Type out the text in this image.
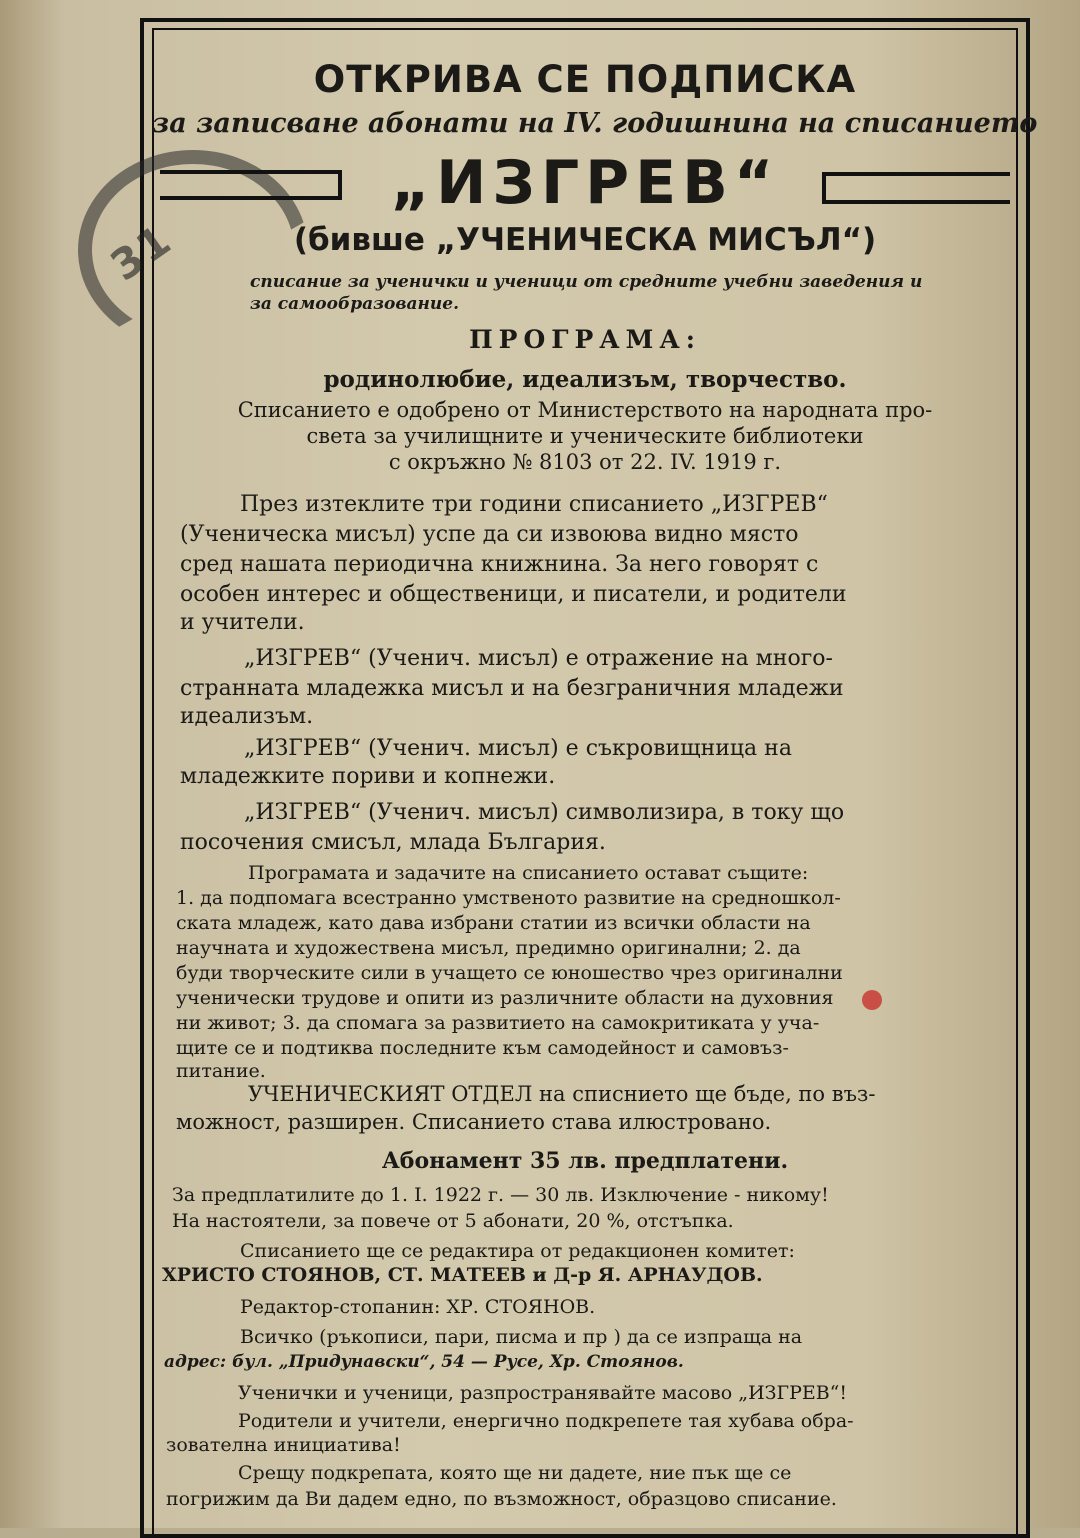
31
ОТКРИВА СЕ ПОДПИСКА
за записване абонати на IV. годишнина на списанието
„ИЗГРЕВ“
(бивше „УЧЕНИЧЕСКА МИСЪЛ“)
списание за ученички и ученици от средните учебни заведения и
за самообразование.
ПРОГРАМА:
родинолюбие, идеализъм, творчество.
Списанието е одобрено от Министерството на народната про-
света за училищните и ученическите библиотеки
с окръжно № 8103 от 22. IV. 1919 г.
През изтеклите три години списанието „ИЗГРЕВ“
(Ученическа мисъл) успе да си извоюва видно място
сред нашата периодична книжнина. За него говорят с
особен интерес и общественици, и писатели, и родители
и учители.
„ИЗГРЕВ“ (Ученич. мисъл) е отражение на много-
странната младежка мисъл и на безграничния младежи
идеализъм.
„ИЗГРЕВ“ (Ученич. мисъл) е съкровищница на
младежките пориви и копнежи.
„ИЗГРЕВ“ (Ученич. мисъл) символизира, в току що
посочения смисъл, млада България.
Програмата и задачите на списанието остават същите:
1. да подпомага всестранно умственото развитие на средношкол-
ската младеж, като дава избрани статии из всички области на
научната и художествена мисъл, предимно оригинални; 2. да
буди творческите сили в учащето се юношество чрез оригинални
ученически трудове и опити из различните области на духовния
ни живот; 3. да спомага за развитието на самокритиката у уча-
щите се и подтиква последните към самодейност и самовъз-
питание.
УЧЕНИЧЕСКИЯТ ОТДЕЛ на списнието ще бъде, по въз-
можност, разширен. Списанието става илюстровано.
Абонамент 35 лв. предплатени.
За предплатилите до 1. I. 1922 г. — 30 лв. Изключение - никому!
На настоятели, за повече от 5 абонати, 20 %, отстъпка.
Списанието ще се редактира от редакционен комитет:
ХРИСТО СТОЯНОВ, СТ. МАТЕЕВ и Д-р Я. АРНАУДОВ.
Редактор-стопанин: ХР. СТОЯНОВ.
Всичко (ръкописи, пари, писма и пр ) да се изпраща на
адрес: бул. „Придунавски“, 54 — Русе, Хр. Стоянов.
Ученички и ученици, разпространявайте масово „ИЗГРЕВ“!
Родители и учители, енергично подкрепете тая хубава обра-
зователна инициатива!
Срещу подкрепата, която ще ни дадете, ние пък ще се
погрижим да Ви дадем едно, по възможност, образцово списание.
